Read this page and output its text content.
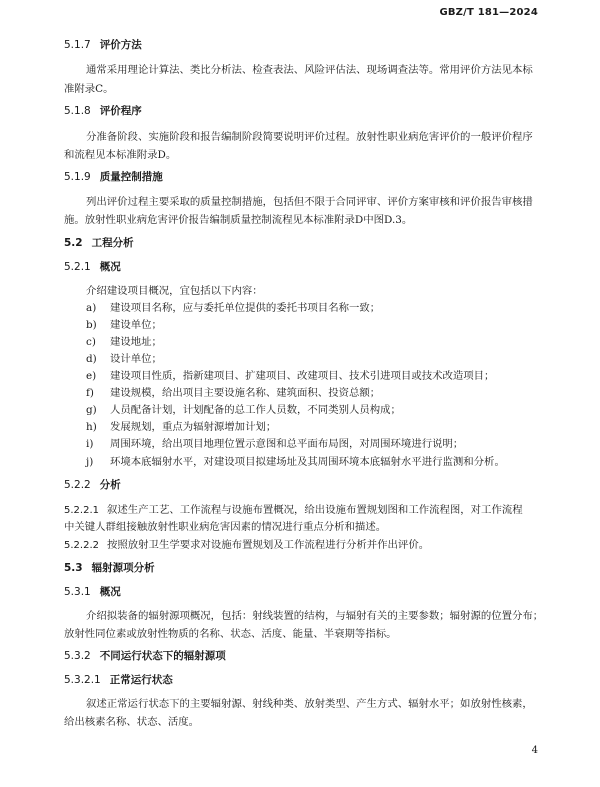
GBZ/T 181—2024
5.1.7 评价方法
通常采用理论计算法、类比分析法、检查表法、风险评估法、现场调查法等。常用评价方法见本标
准附录C。
5.1.8 评价程序
分准备阶段、实施阶段和报告编制阶段简要说明评价过程。放射性职业病危害评价的一般评价程序
和流程见本标准附录D。
5.1.9 质量控制措施
列出评价过程主要采取的质量控制措施，包括但不限于合同评审、评价方案审核和评价报告审核措
施。放射性职业病危害评价报告编制质量控制流程见本标准附录D中图D.3。
5.2 工程分析
5.2.1 概况
介绍建设项目概况，宜包括以下内容：
a) 建设项目名称，应与委托单位提供的委托书项目名称一致；
b) 建设单位；
c) 建设地址；
d) 设计单位；
e) 建设项目性质，指新建项目、扩建项目、改建项目、技术引进项目或技术改造项目；
f) 建设规模，给出项目主要设施名称、建筑面积、投资总额；
g) 人员配备计划，计划配备的总工作人员数，不同类别人员构成；
h) 发展规划，重点为辐射源增加计划；
i) 周围环境，给出项目地理位置示意图和总平面布局图，对周围环境进行说明；
j) 环境本底辐射水平，对建设项目拟建场址及其周围环境本底辐射水平进行监测和分析。
5.2.2 分析
5.2.2.1 叙述生产工艺、工作流程与设施布置概况，给出设施布置规划图和工作流程图，对工作流程
中关键人群组接触放射性职业病危害因素的情况进行重点分析和描述。
5.2.2.2 按照放射卫生学要求对设施布置规划及工作流程进行分析并作出评价。
5.3 辐射源项分析
5.3.1 概况
介绍拟装备的辐射源项概况，包括：射线装置的结构，与辐射有关的主要参数；辐射源的位置分布；
放射性同位素或放射性物质的名称、状态、活度、能量、半衰期等指标。
5.3.2 不同运行状态下的辐射源项
5.3.2.1 正常运行状态
叙述正常运行状态下的主要辐射源、射线种类、放射类型、产生方式、辐射水平；如放射性核素，
给出核素名称、状态、活度。
4
